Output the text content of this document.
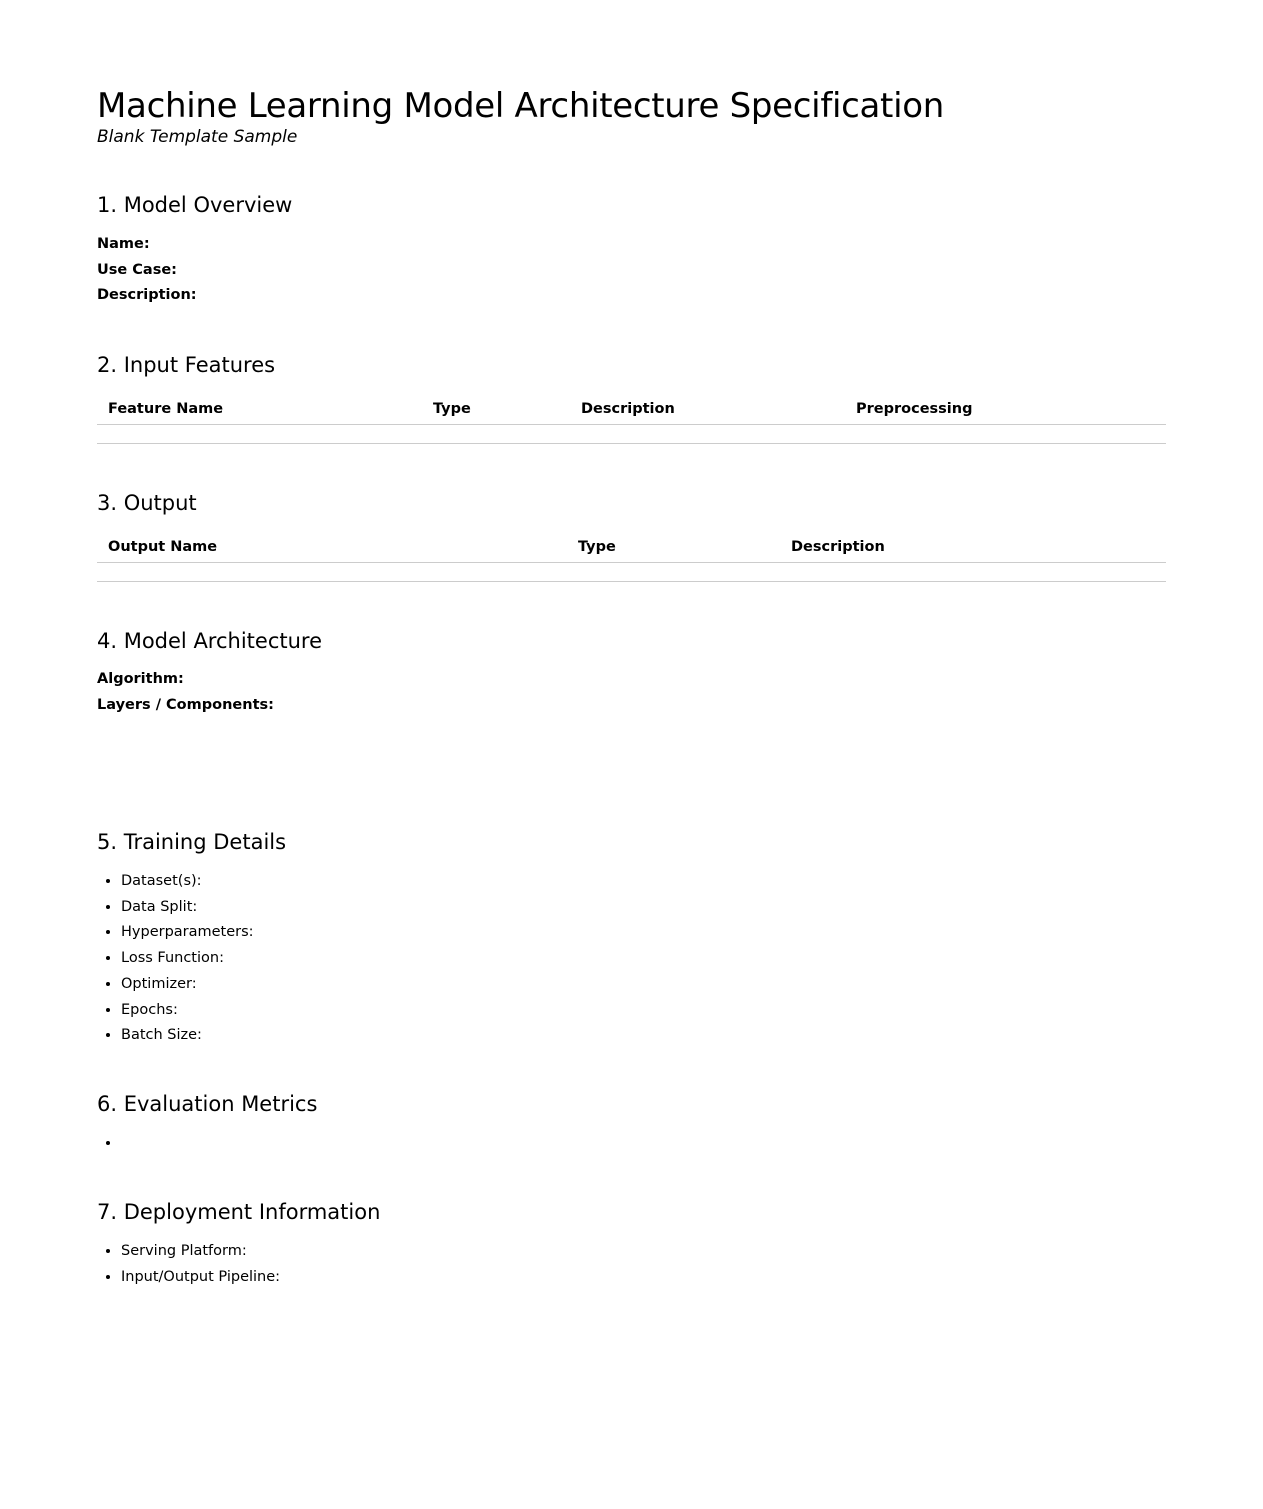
Machine Learning Model Architecture Specification
Blank Template Sample
1. Model Overview
Name:
Use Case:
Description:
2. Input Features
Feature Name	Type	Description	Preprocessing

3. Output
Output Name	Type	Description

4. Model Architecture
Algorithm:
Layers / Components:
5. Training Details
• Dataset(s):
• Data Split:
• Hyperparameters:
• Loss Function:
• Optimizer:
• Epochs:
• Batch Size:
6. Evaluation Metrics
•
7. Deployment Information
• Serving Platform:
• Input/Output Pipeline:
•
